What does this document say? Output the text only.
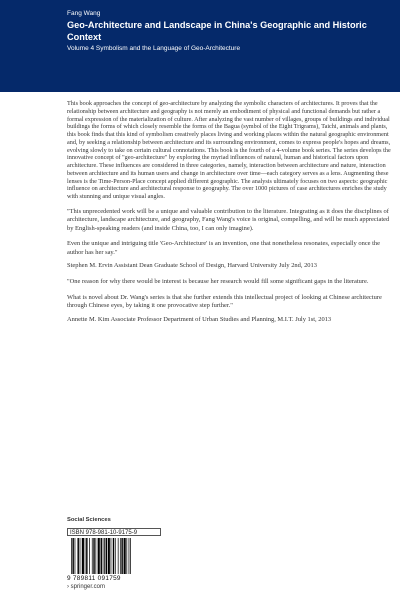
Fang Wang
Geo-Architecture and Landscape in China's Geographic and Historic Context
Volume 4 Symbolism and the Language of Geo-Architecture

This book approaches the concept of geo-architecture by analyzing the symbolic characters of architectures. It proves that the relationship between architecture and geography is not merely an embodiment of physical and functional demands but rather a formal expression of the materialization of culture. After analyzing the vast number of villages, groups of buildings and individual buildings the forms of which closely resemble the forms of the Bagua (symbol of the Eight Trigrams), Taichi, animals and plants, this book finds that this kind of symbolism creatively places living and working places within the natural geographic environment and, by seeking a relationship between architecture and its surrounding environment, comes to express people's hopes and dreams, evolving slowly to take on certain cultural connotations. This book is the fourth of a 4-volume book series. The series develops the innovative concept of "geo-architecture" by exploring the myriad influences of natural, human and historical factors upon architecture. These influences are considered in three categories, namely, interaction between architecture and nature, interaction between architecture and its human users and change in architecture over time—each category serves as a lens. Augmenting these lenses is the Time-Person-Place concept applied different geographic. The analysis ultimately focuses on two aspects: geographic influence on architecture and architectural response to geography. The over 1000 pictures of case architectures enriches the study with stunning and unique visual angles.

"This unprecedented work will be a unique and valuable contribution to the literature. Integrating as it does the disciplines of architecture, landscape architecture, and geography, Fang Wang's voice is original, compelling, and will be much appreciated by English-speaking readers (and inside China, too, I can only imagine).

Even the unique and intriguing title 'Geo-Architecture' is an invention, one that nonetheless resonates, especially once the author has her say."

Stephen M. Ervin Assistant Dean Graduate School of Design, Harvard University July 2nd, 2013

"One reason for why there would be interest is because her research would fill some significant gaps in the literature.

What is novel about Dr. Wang's series is that she further extends this intellectual project of looking at Chinese architecture through Chinese eyes, by taking it one provocative step further."

Annette M. Kim Associate Professor Department of Urban Studies and Planning, M.I.T. July 1st, 2013

Social Sciences
ISBN 978-981-10-9175-9
9 789811 091759
› springer.com
